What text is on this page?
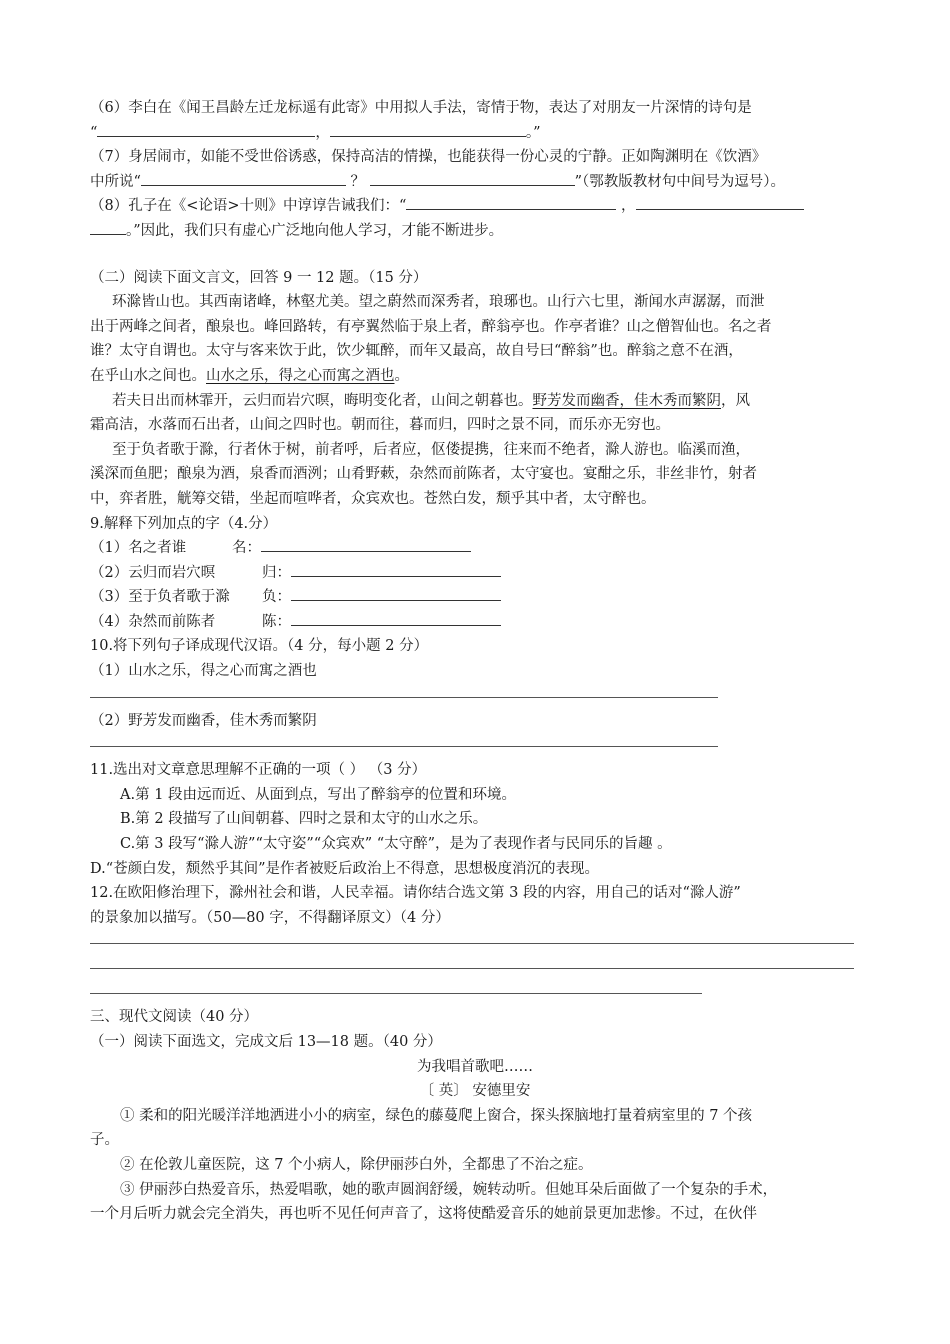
（6）李白在《闻王昌龄左迁龙标遥有此寄》中用拟人手法，寄情于物，表达了对朋友一片深情的诗句是
“	，	。”
（7）身居闹市，如能不受世俗诱惑，保持高洁的情操，也能获得一份心灵的宁静。正如陶渊明在《饮酒》
中所说“	？	”（鄂教版教材句中间号为逗号）。
（8）孔子在《<论语>十则》中谆谆告诫我们：“	，
。”因此，我们只有虚心广泛地向他人学习，才能不断进步。
（二）阅读下面文言文，回答 9 一 12 题。（15 分）
环滁皆山也。其西南诸峰，林壑尤美。望之蔚然而深秀者，琅琊也。山行六七里，渐闻水声潺潺，而泄
出于两峰之间者，酿泉也。峰回路转，有亭翼然临于泉上者，醉翁亭也。作亭者谁？山之僧智仙也。名之者
谁？太守自谓也。太守与客来饮于此，饮少辄醉，而年又最高，故自号曰“醉翁”也。醉翁之意不在酒，
在乎山水之间也。山水之乐，得之心而寓之酒也。
若夫日出而林霏开，云归而岩穴暝，晦明变化者，山间之朝暮也。野芳发而幽香，佳木秀而繁阴，风
霜高洁，水落而石出者，山间之四时也。朝而往，暮而归，四时之景不同，而乐亦无穷也。
至于负者歌于滁，行者休于树，前者呼，后者应，伛偻提携，往来而不绝者，滁人游也。临溪而渔，
溪深而鱼肥；酿泉为酒，泉香而酒洌；山肴野蔌，杂然而前陈者，太守宴也。宴酣之乐，非丝非竹，射者
中，弈者胜，觥筹交错，坐起而喧哗者，众宾欢也。苍然白发，颓乎其中者，太守醉也。
9.解释下列加点的字（4.分）
（1）名之者谁	名：
（2）云归而岩穴暝	归：
（3）至于负者歌于滁 负：
（4）杂然而前陈者	陈：
10.将下列句子译成现代汉语。（4 分，每小题 2 分）
（1）山水之乐，得之心而寓之酒也
（2）野芳发而幽香，佳木秀而繁阴
11.选出对文章意思理解不正确的一项（ ） （3 分）
A.第 1 段由远而近、从面到点，写出了醉翁亭的位置和环境。
B.第 2 段描写了山间朝暮、四时之景和太守的山水之乐。
C.第 3 段写“滁人游”“太守姿”“众宾欢” “太守醉”，是为了表现作者与民同乐的旨趣 。
D.“苍颜白发，颓然乎其间”是作者被贬后政治上不得意，思想极度消沉的表现。
12.在欧阳修治理下，滁州社会和谐，人民幸福。请你结合选文第 3 段的内容，用自己的话对“滁人游”
的景象加以描写。（50—80 字，不得翻译原文）（4 分）
三、现代文阅读（40 分）
（一）阅读下面选文，完成文后 13—18 题。（40 分）
为我唱首歌吧……
〔 英〕 安德里安
① 柔和的阳光暖洋洋地洒进小小的病室，绿色的藤蔓爬上窗合，探头探脑地打量着病室里的 7 个孩
子。
② 在伦敦儿童医院，这 7 个小病人，除伊丽莎白外，全都患了不治之症。
③ 伊丽莎白热爱音乐，热爱唱歌，她的歌声圆润舒缓，婉转动听。但她耳朵后面做了一个复杂的手术，
一个月后听力就会完全消失，再也听不见任何声音了，这将使酷爱音乐的她前景更加悲惨。不过，在伙伴
